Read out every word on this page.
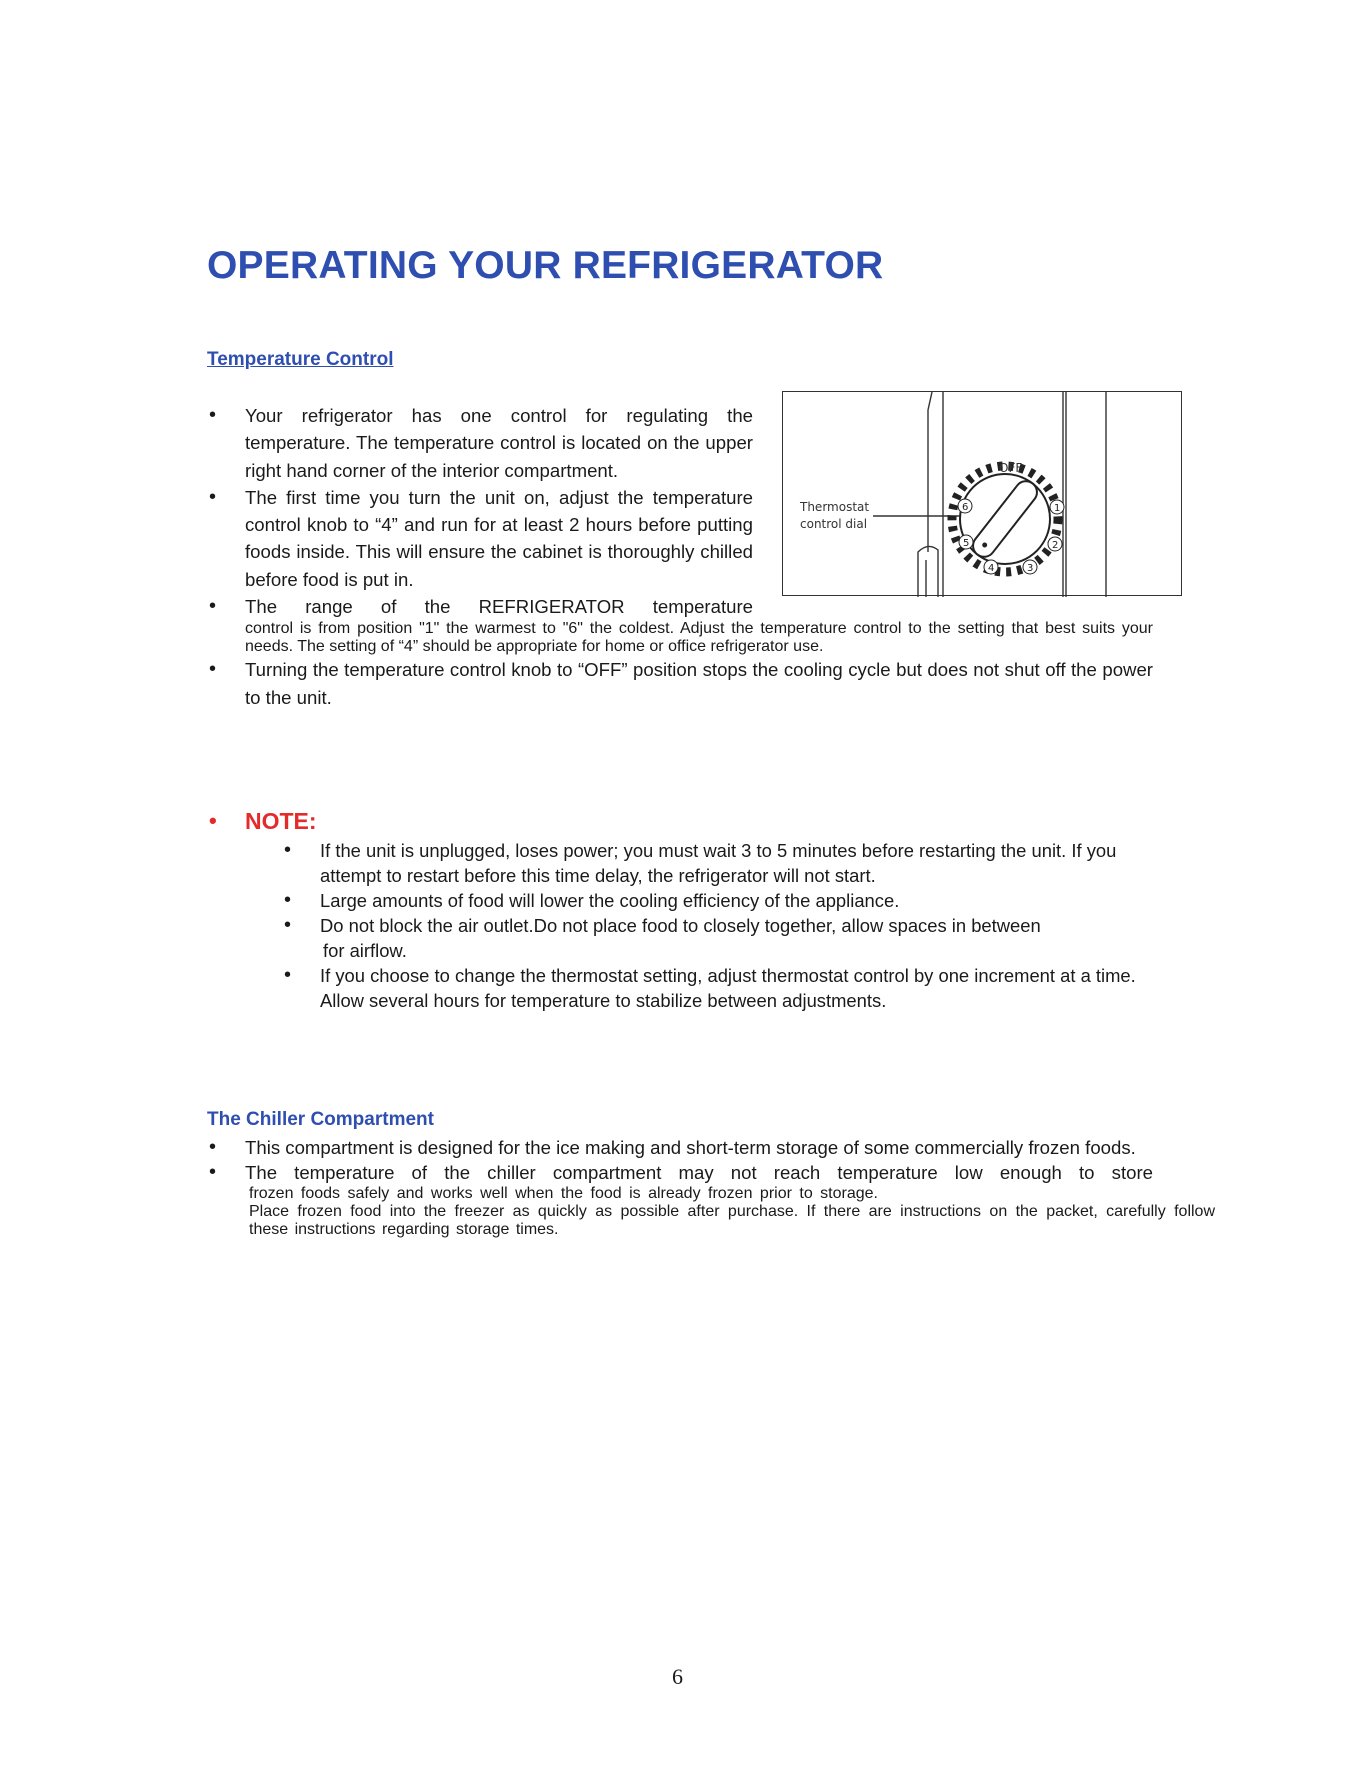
OPERATING YOUR REFRIGERATOR
Temperature Control
• Your refrigerator has one control for regulating the temperature. The temperature control is located on the upper right hand corner of the interior compartment.
• The first time you turn the unit on, adjust the temperature control knob to “4” and run for at least 2 hours before putting foods inside. This will ensure the cabinet is thoroughly chilled before food is put in.
• The range of the REFRIGERATOR temperature
control is from position "1" the warmest to "6" the coldest. Adjust the temperature control to the setting that best suits your needs. The setting of “4” should be appropriate for home or office refrigerator use.
• Turning the temperature control knob to “OFF” position stops the cooling cycle but does not shut off the power to the unit.
1
2
3
4
5
6
Thermostat
control dial
OFF
• NOTE:
• If the unit is unplugged, loses power; you must wait 3 to 5 minutes before restarting the unit. If you attempt to restart before this time delay, the refrigerator will not start.
• Large amounts of food will lower the cooling efficiency of the appliance.
• Do not block the air outlet.Do not place food to closely together, allow spaces in between
for airflow.
• If you choose to change the thermostat setting, adjust thermostat control by one increment at a time. Allow several hours for temperature to stabilize between adjustments.
The Chiller Compartment
• This compartment is designed for the ice making and short-term storage of some commercially frozen foods.
• The temperature of the chiller compartment may not reach temperature low enough to store
frozen foods safely and works well when the food is already frozen prior to storage.
Place frozen food into the freezer as quickly as possible after purchase. If there are instructions on the packet, carefully follow these instructions regarding storage times.
6
